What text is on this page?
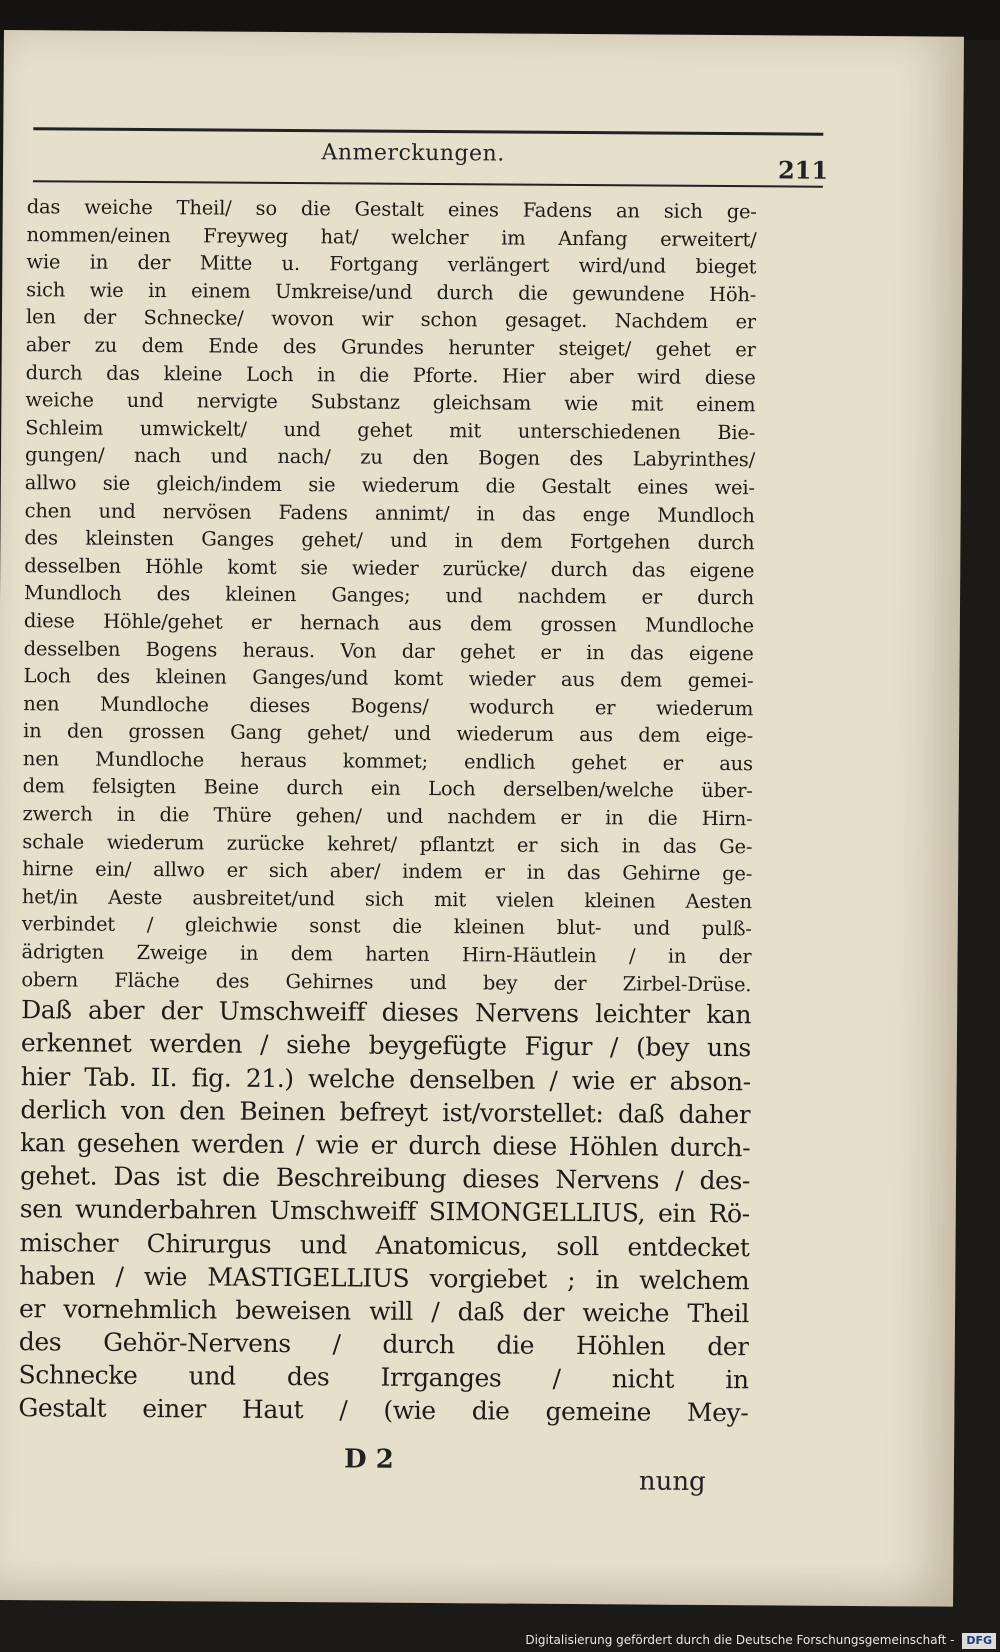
Anmerckungen.
211
das weiche Theil/ so die Gestalt eines Fadens an sich ge-
nommen/einen Freyweg hat/ welcher im Anfang erweitert/
wie in der Mitte u. Fortgang verlängert wird/und bieget
sich wie in einem Umkreise/und durch die gewundene Höh-
len der Schnecke/ wovon wir schon gesaget. Nachdem er
aber zu dem Ende des Grundes herunter steiget/ gehet er
durch das kleine Loch in die Pforte. Hier aber wird diese
weiche und nervigte Substanz gleichsam wie mit einem
Schleim umwickelt/ und gehet mit unterschiedenen Bie-
gungen/ nach und nach/ zu den Bogen des Labyrinthes/
allwo sie gleich/indem sie wiederum die Gestalt eines wei-
chen und nervösen Fadens annimt/ in das enge Mundloch
des kleinsten Ganges gehet/ und in dem Fortgehen durch
desselben Höhle komt sie wieder zurücke/ durch das eigene
Mundloch des kleinen Ganges; und nachdem er durch
diese Höhle/gehet er hernach aus dem grossen Mundloche
desselben Bogens heraus. Von dar gehet er in das eigene
Loch des kleinen Ganges/und komt wieder aus dem gemei-
nen Mundloche dieses Bogens/ wodurch er wiederum
in den grossen Gang gehet/ und wiederum aus dem eige-
nen Mundloche heraus kommet; endlich gehet er aus
dem felsigten Beine durch ein Loch derselben/welche über-
zwerch in die Thüre gehen/ und nachdem er in die Hirn-
schale wiederum zurücke kehret/ pflantzt er sich in das Ge-
hirne ein/ allwo er sich aber/ indem er in das Gehirne ge-
het/in Aeste ausbreitet/und sich mit vielen kleinen Aesten
verbindet / gleichwie sonst die kleinen blut- und pulß-
ädrigten Zweige in dem harten Hirn-Häutlein / in der
obern Fläche des Gehirnes und bey der Zirbel-Drüse.
Daß aber der Umschweiff dieses Nervens leichter kan
erkennet werden / siehe beygefügte Figur / (bey uns
hier Tab. II. fig. 21.) welche denselben / wie er abson-
derlich von den Beinen befreyt ist/vorstellet: daß daher
kan gesehen werden / wie er durch diese Höhlen durch-
gehet. Das ist die Beschreibung dieses Nervens / des-
sen wunderbahren Umschweiff SIMONGELLIUS, ein Rö-
mischer Chirurgus und Anatomicus, soll entdecket
haben / wie MASTIGELLIUS vorgiebet ; in welchem
er vornehmlich beweisen will / daß der weiche Theil
des Gehör-Nervens / durch die Höhlen der
Schnecke und des Irrganges / nicht in
Gestalt einer Haut / (wie die gemeine Mey-
D 2
nung
Digitalisierung gefördert durch die Deutsche Forschungsgemeinschaft - DFG
